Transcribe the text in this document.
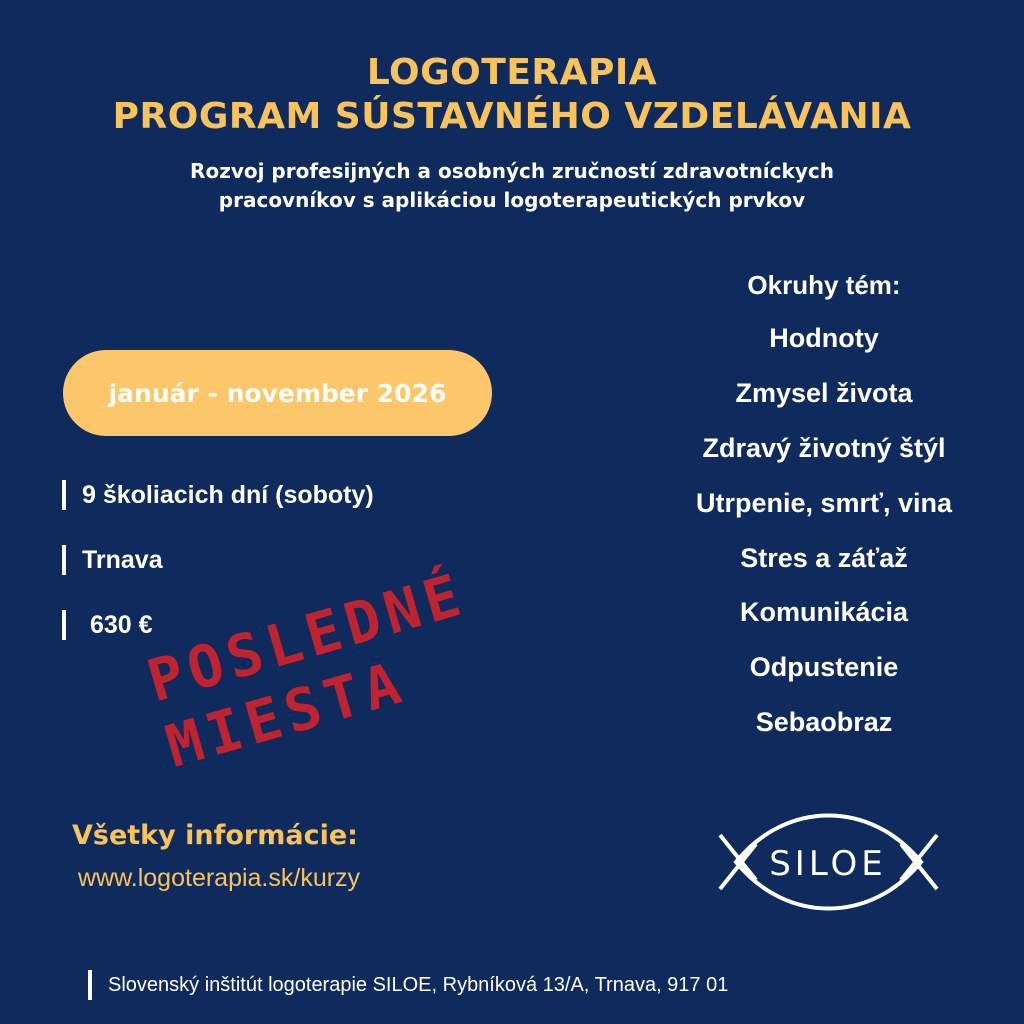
LOGOTERAPIA
PROGRAM SÚSTAVNÉHO VZDELÁVANIA
Rozvoj profesijných a osobných zručností zdravotníckych
pracovníkov s aplikáciou logoterapeutických prvkov
január - november 2026
9 školiacich dní (soboty)
Trnava
630 €
Okruhy tém:
Hodnoty
Zmysel života
Zdravý životný štýl
Utrpenie, smrť, vina
Stres a záťaž
Komunikácia
Odpustenie
Sebaobraz
POSLEDNÉ MIESTA
Všetky informácie:
www.logoterapia.sk/kurzy	SILOE
Slovenský inštitút logoterapie SILOE, Rybníková 13/A, Trnava, 917 01
